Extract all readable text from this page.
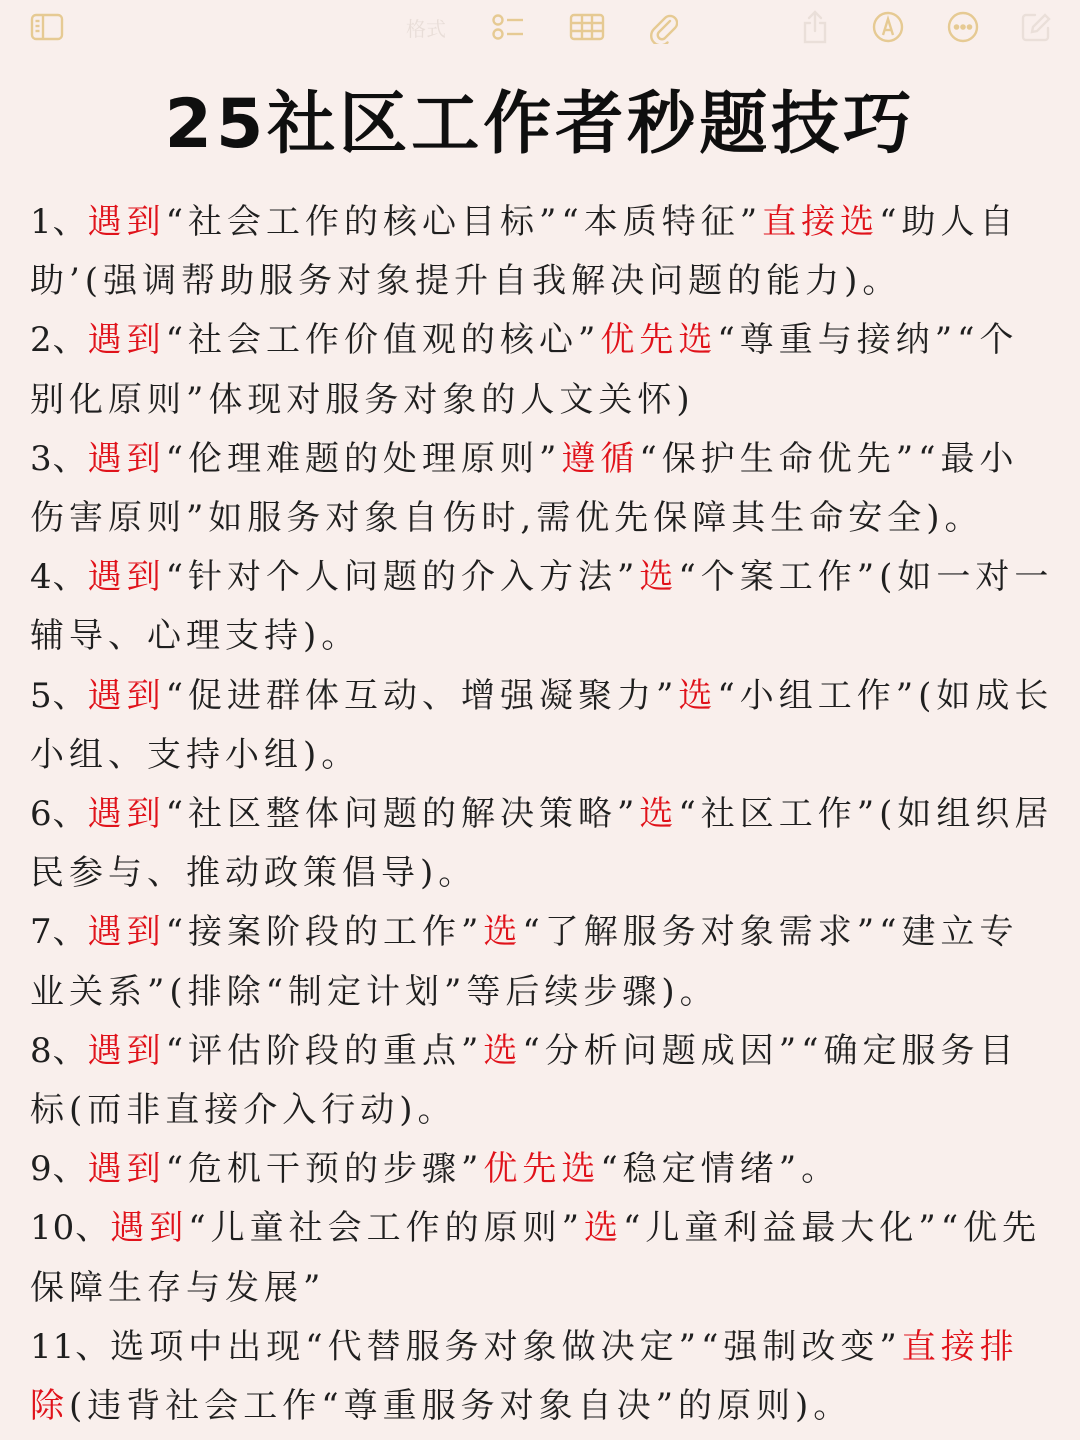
格式
25社区工作者秒题技巧

1、遇到“社会工作的核心目标”“本质特征”直接选“助人自助’(强调帮助服务对象提升自我解决问题的能力)。

2、遇到“社会工作价值观的核心”优先选“尊重与接纳”“个别化原则”体现对服务对象的人文关怀)

3、遇到“伦理难题的处理原则”遵循“保护生命优先”“最小伤害原则”如服务对象自伤时,需优先保障其生命安全)。

4、遇到“针对个人问题的介入方法”选“个案工作”(如一对一辅导、心理支持)。

5、遇到“促进群体互动、增强凝聚力”选“小组工作”(如成长小组、支持小组)。

6、遇到“社区整体问题的解决策略”选“社区工作”(如组织居民参与、推动政策倡导)。

7、遇到“接案阶段的工作”选“了解服务对象需求”“建立专业关系”(排除“制定计划”等后续步骤)。

8、遇到“评估阶段的重点”选“分析问题成因”“确定服务目标(而非直接介入行动)。

9、遇到“危机干预的步骤”优先选“稳定情绪”。

10、遇到“儿童社会工作的原则”选“儿童利益最大化”“优先保障生存与发展”

11、选项中出现“代替服务对象做决定”“强制改变”直接排除(违背社会工作“尊重服务对象自决”的原则)。
